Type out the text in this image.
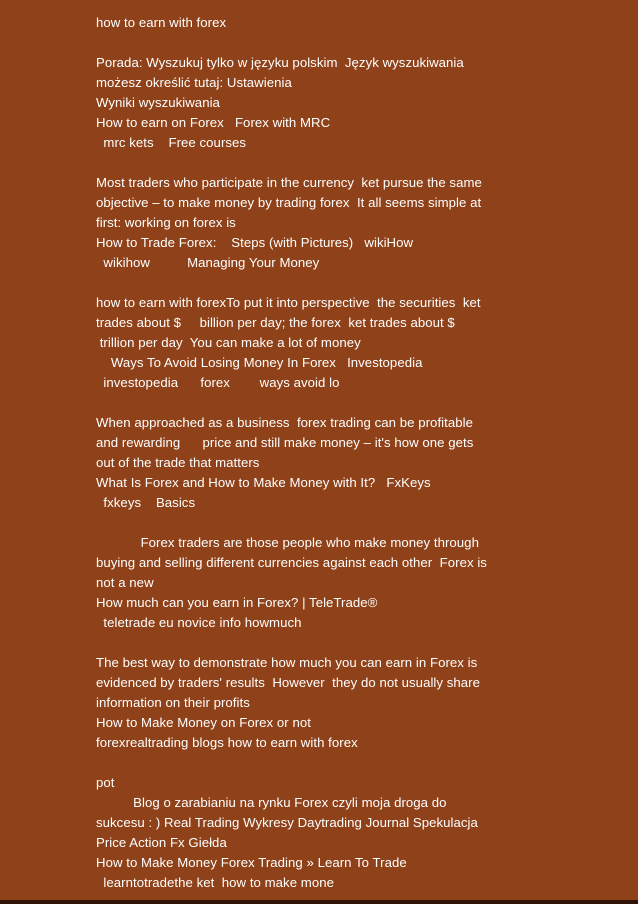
how to earn with forex
Porada: Wyszukuj tylko w języku polskim  Język wyszukiwania
możesz określić tutaj: Ustawienia
Wyniki wyszukiwania
How to earn on Forex   Forex with MRC
mrc kets    Free courses
Most traders who participate in the currency  ket pursue the same
objective – to make money by trading forex  It all seems simple at
first: working on forex is
How to Trade Forex:    Steps (with Pictures)   wikiHow
wikihow          Managing Your Money
how to earn with forexTo put it into perspective  the securities  ket
trades about $     billion per day; the forex  ket trades about $
trillion per day  You can make a lot of money
Ways To Avoid Losing Money In Forex   Investopedia
investopedia      forex        ways avoid lo
When approached as a business  forex trading can be profitable
and rewarding      price and still make money – it's how one gets
out of the trade that matters
What Is Forex and How to Make Money with It?   FxKeys
fxkeys    Basics
Forex traders are those people who make money through
buying and selling different currencies against each other  Forex is
not a new
How much can you earn in Forex? | TeleTrade®
teletrade eu novice info howmuch
The best way to demonstrate how much you can earn in Forex is
evidenced by traders' results  However  they do not usually share
information on their profits
How to Make Money on Forex or not
forexrealtrading blogs how to earn with forex
pot
Blog o zarabianiu na rynku Forex czyli moja droga do
sukcesu : ) Real Trading Wykresy Daytrading Journal Spekulacja
Price Action Fx Giełda
How to Make Money Forex Trading » Learn To Trade
learntotradethe ket  how to make mone
